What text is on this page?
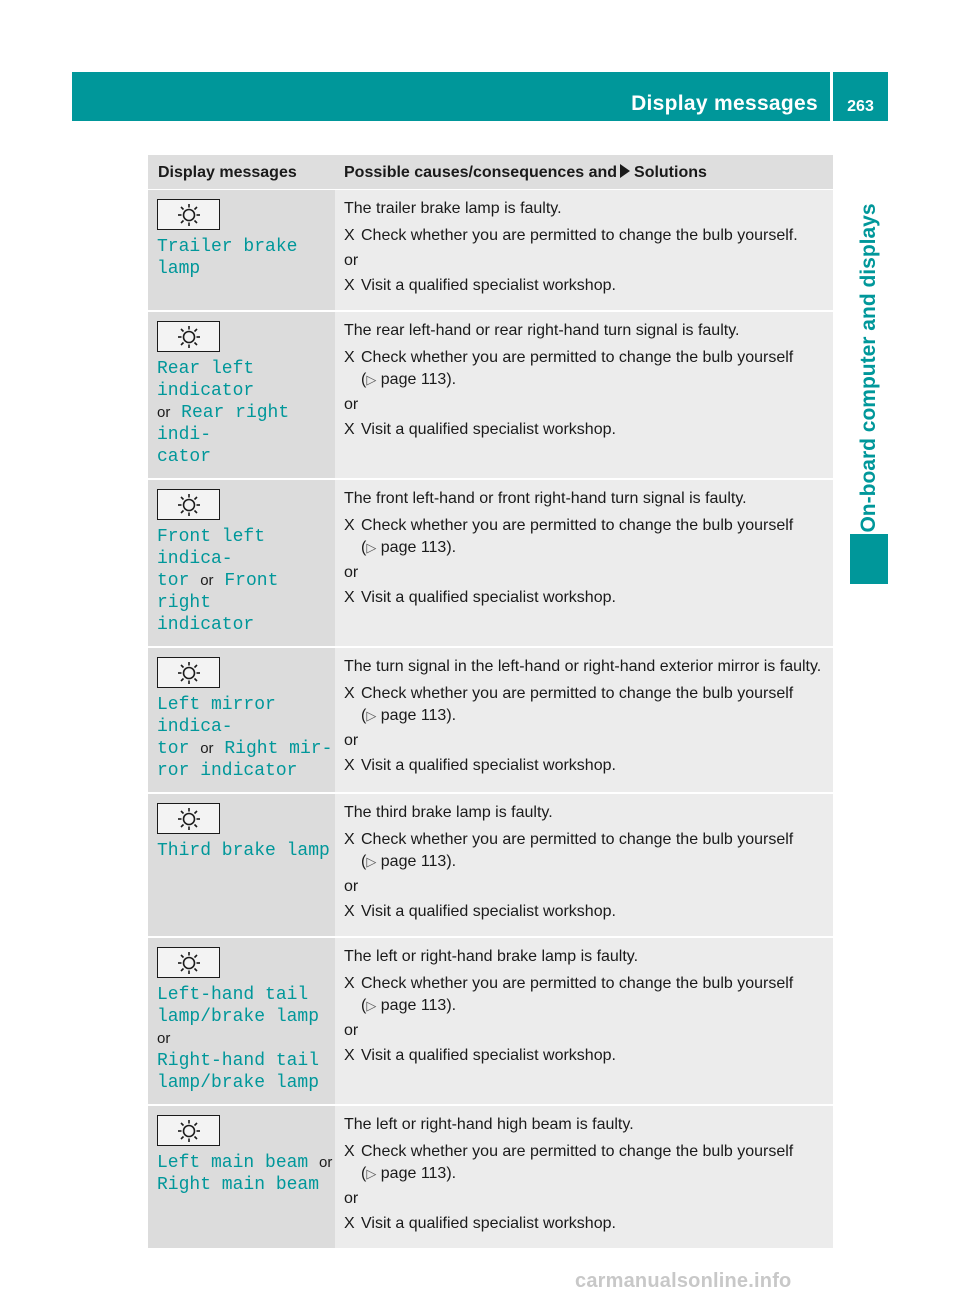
Display messages	263
On-board computer and displays
Display messages	Possible causes/consequences and Solutions
Trailer brake lamp
The trailer brake lamp is faulty.
X Check whether you are permitted to change the bulb yourself.
or
X Visit a qualified specialist workshop.
Rear left indicator
or Rear right indi-
cator
The rear left-hand or rear right-hand turn signal is faulty.
X Check whether you are permitted to change the bulb yourself
(▷ page 113).
or
X Visit a qualified specialist workshop.
Front left indica-
tor or Front right
indicator
The front left-hand or front right-hand turn signal is faulty.
X Check whether you are permitted to change the bulb yourself
(▷ page 113).
or
X Visit a qualified specialist workshop.
Left mirror indica-
tor or Right mir-
ror indicator
The turn signal in the left-hand or right-hand exterior mirror is faulty.
X Check whether you are permitted to change the bulb yourself
(▷ page 113).
or
X Visit a qualified specialist workshop.
Third brake lamp
The third brake lamp is faulty.
X Check whether you are permitted to change the bulb yourself
(▷ page 113).
or
X Visit a qualified specialist workshop.
Left-hand tail
lamp/brake lamp or
Right-hand tail
lamp/brake lamp
The left or right-hand brake lamp is faulty.
X Check whether you are permitted to change the bulb yourself
(▷ page 113).
or
X Visit a qualified specialist workshop.
Left main beam or
Right main beam
The left or right-hand high beam is faulty.
X Check whether you are permitted to change the bulb yourself
(▷ page 113).
or
X Visit a qualified specialist workshop.
carmanualsonline.info
